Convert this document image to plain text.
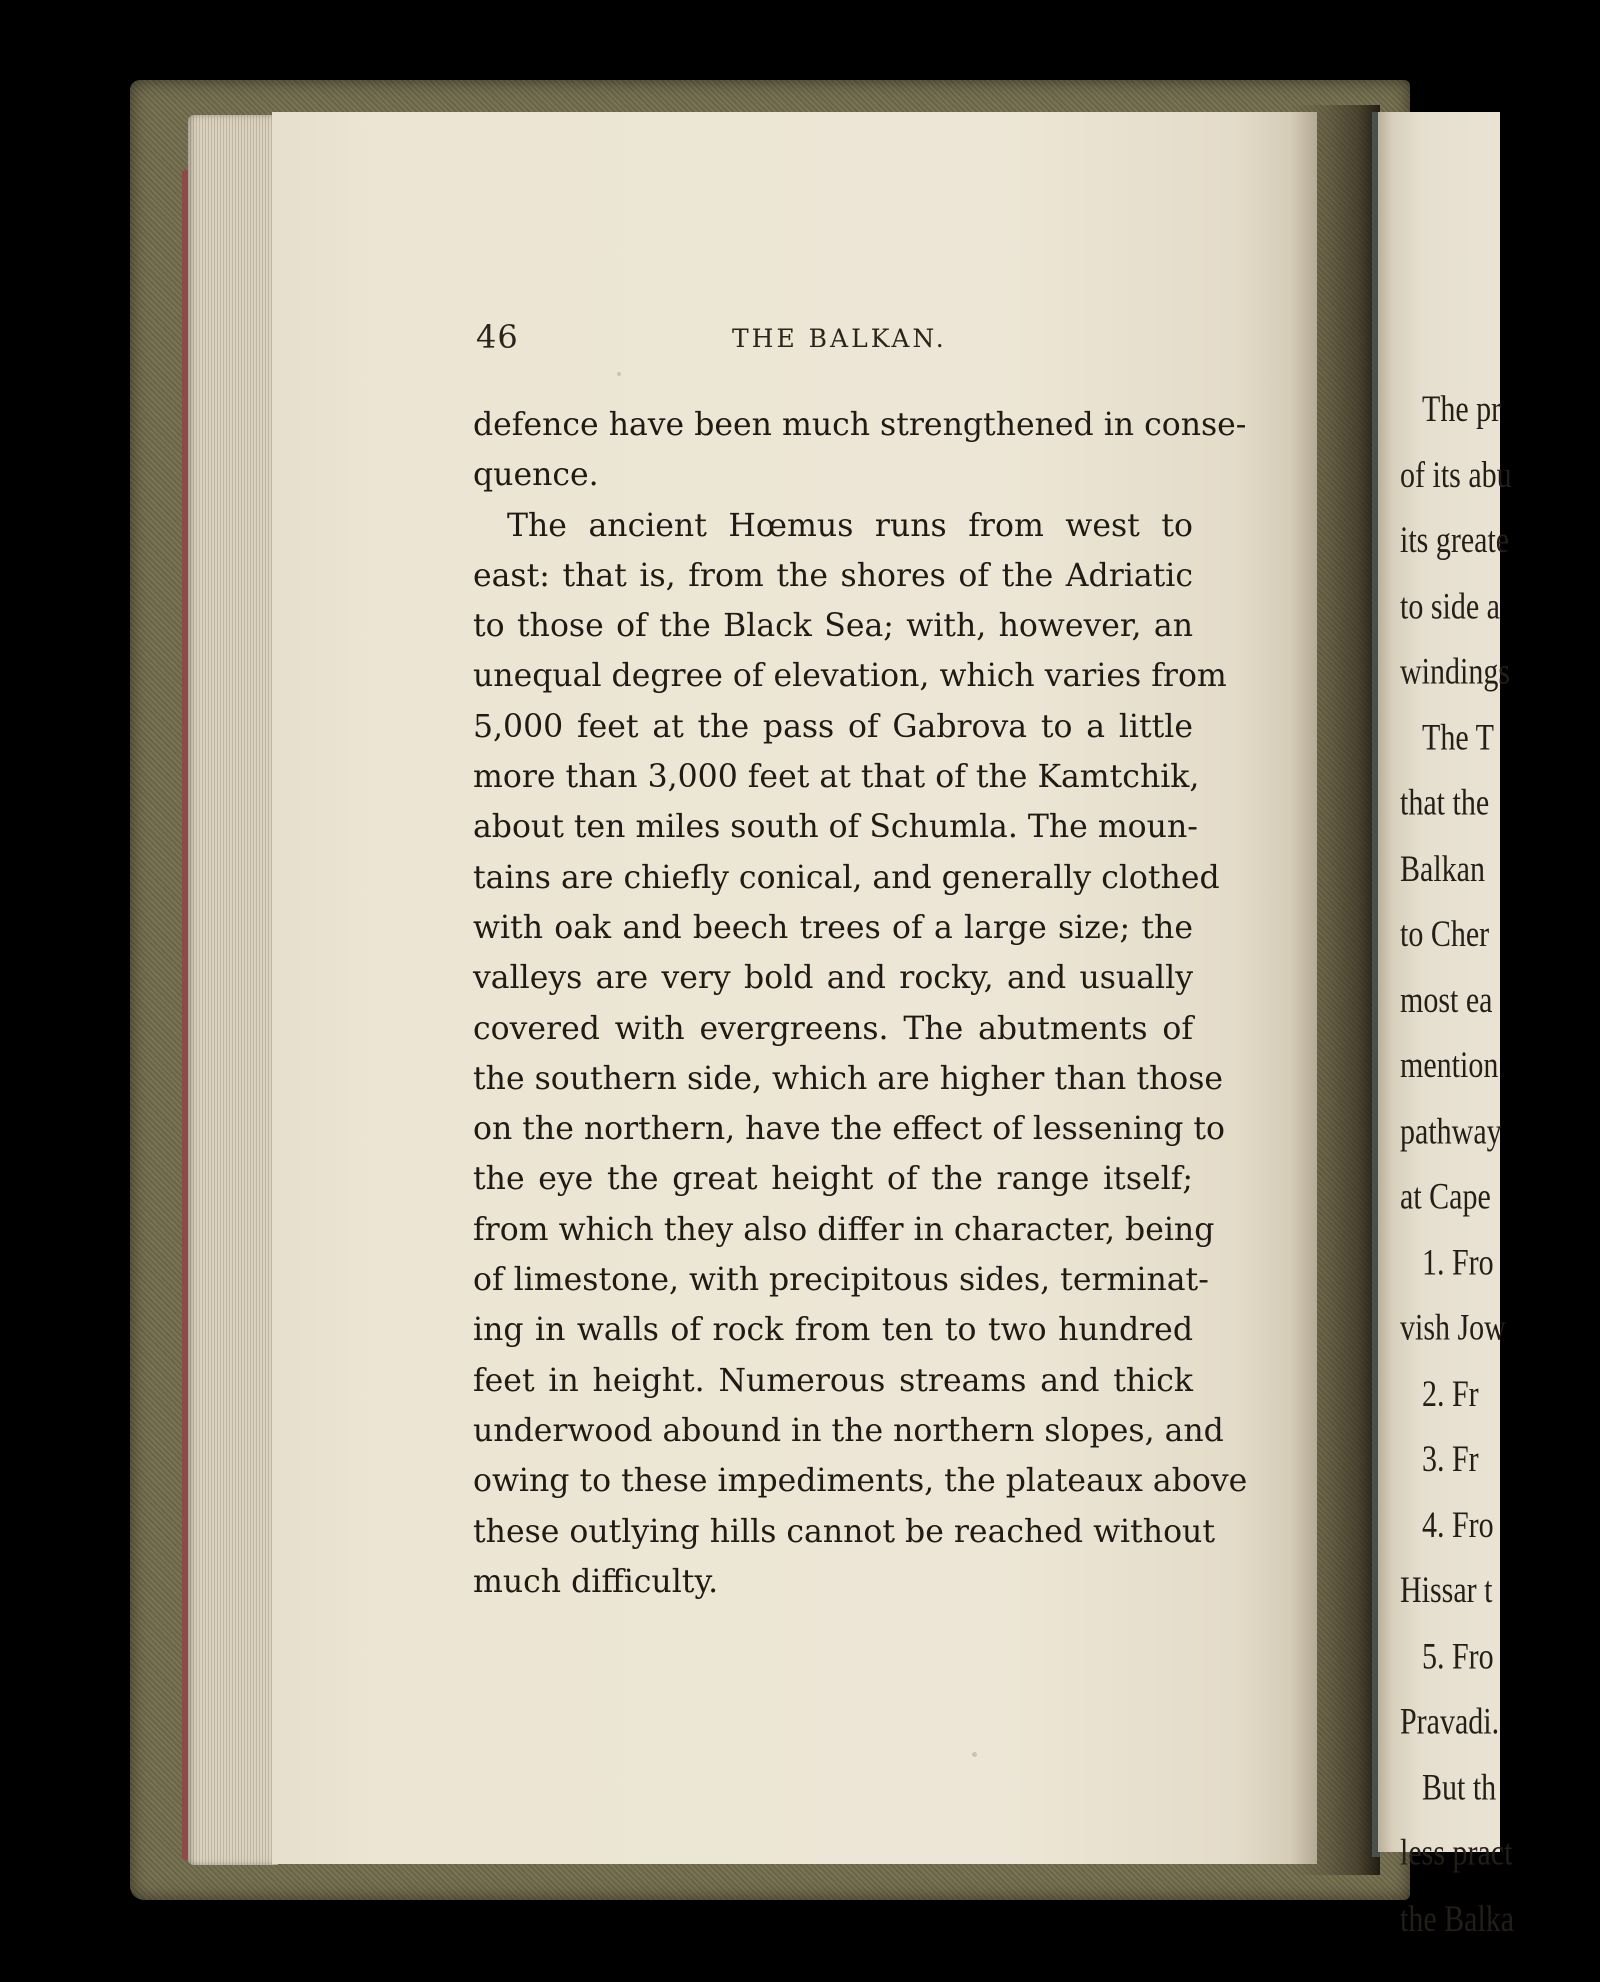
The pr
of its abu
its greate
to side a
windings
The T
that the
Balkan
to Cher
most ea
mention
pathway
at Cape
1. Fro
vish Jow
2. Fr
3. Fr
4. Fro
Hissar t
5. Fro
Pravadi.
But th
less pract
the Balka
46	THE BALKAN.
defence have been much strengthened in conse-
quence.
The ancient Hœmus runs from west to
east: that is, from the shores of the Adriatic
to those of the Black Sea; with, however, an
unequal degree of elevation, which varies from
5,000 feet at the pass of Gabrova to a little
more than 3,000 feet at that of the Kamtchik,
about ten miles south of Schumla. The moun-
tains are chiefly conical, and generally clothed
with oak and beech trees of a large size; the
valleys are very bold and rocky, and usually
covered with evergreens. The abutments of
the southern side, which are higher than those
on the northern, have the effect of lessening to
the eye the great height of the range itself;
from which they also differ in character, being
of limestone, with precipitous sides, terminat-
ing in walls of rock from ten to two hundred
feet in height. Numerous streams and thick
underwood abound in the northern slopes, and
owing to these impediments, the plateaux above
these outlying hills cannot be reached without
much difficulty.
